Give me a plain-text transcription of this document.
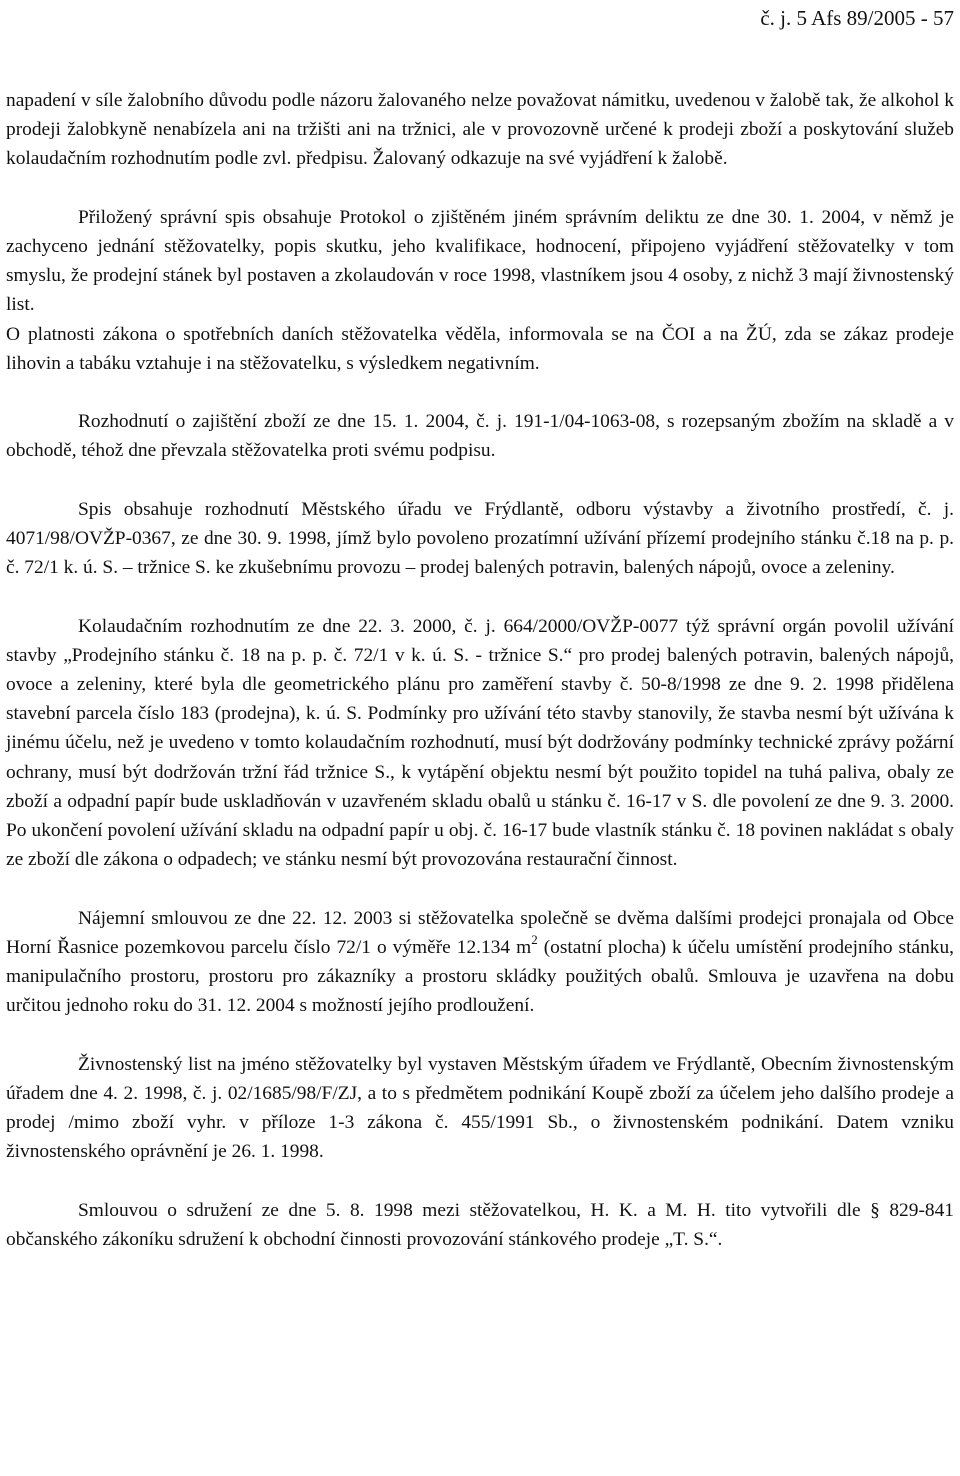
č. j. 5 Afs 89/2005 - 57

napadení v síle žalobního důvodu podle názoru žalovaného nelze považovat námitku, uvedenou v žalobě tak, že alkohol k prodeji žalobkyně nenabízela ani na tržišti ani na tržnici, ale v provozovně určené k prodeji zboží a poskytování služeb kolaudačním rozhodnutím podle zvl. předpisu. Žalovaný odkazuje na své vyjádření k žalobě.

Přiložený správní spis obsahuje Protokol o zjištěném jiném správním deliktu ze dne 30. 1. 2004, v němž je zachyceno jednání stěžovatelky, popis skutku, jeho kvalifikace, hodnocení, připojeno vyjádření stěžovatelky v tom smyslu, že prodejní stánek byl postaven a zkolaudován v roce 1998, vlastníkem jsou 4 osoby, z nichž 3 mají živnostenský list.

O platnosti zákona o spotřebních daních stěžovatelka věděla, informovala se na ČOI a na ŽÚ, zda se zákaz prodeje lihovin a tabáku vztahuje i na stěžovatelku, s výsledkem negativním.

Rozhodnutí o zajištění zboží ze dne 15. 1. 2004, č. j. 191-1/04-1063-08, s rozepsaným zbožím na skladě a v obchodě, téhož dne převzala stěžovatelka proti svému podpisu.

Spis obsahuje rozhodnutí Městského úřadu ve Frýdlantě, odboru výstavby a životního prostředí, č. j. 4071/98/OVŽP-0367, ze dne 30. 9. 1998, jímž bylo povoleno prozatímní užívání přízemí prodejního stánku č.18 na p. p. č. 72/1 k. ú. S. – tržnice S. ke zkušebnímu provozu – prodej balených potravin, balených nápojů, ovoce a zeleniny.

Kolaudačním rozhodnutím ze dne 22. 3. 2000, č. j. 664/2000/OVŽP-0077 týž správní orgán povolil užívání stavby „Prodejního stánku č. 18 na p. p. č. 72/1 v k. ú. S. - tržnice S.“ pro prodej balených potravin, balených nápojů, ovoce a zeleniny, které byla dle geometrického plánu pro zaměření stavby č. 50-8/1998 ze dne 9. 2. 1998 přidělena stavební parcela číslo 183 (prodejna), k. ú. S. Podmínky pro užívání této stavby stanovily, že stavba nesmí být užívána k jinému účelu, než je uvedeno v tomto kolaudačním rozhodnutí, musí být dodržovány podmínky technické zprávy požární ochrany, musí být dodržován tržní řád tržnice S., k vytápění objektu nesmí být použito topidel na tuhá paliva, obaly ze zboží a odpadní papír bude uskladňován v uzavřeném skladu obalů u stánku č. 16-17 v S. dle povolení ze dne 9. 3. 2000. Po ukončení povolení užívání skladu na odpadní papír u obj. č. 16-17 bude vlastník stánku č. 18 povinen nakládat s obaly ze zboží dle zákona o odpadech; ve stánku nesmí být provozována restaurační činnost.

Nájemní smlouvou ze dne 22. 12. 2003 si stěžovatelka společně se dvěma dalšími prodejci pronajala od Obce Horní Řasnice pozemkovou parcelu číslo 72/1 o výměře 12.134 $m^2$ (ostatní plocha) k účelu umístění prodejního stánku, manipulačního prostoru, prostoru pro zákazníky a prostoru skládky použitých obalů. Smlouva je uzavřena na dobu určitou jednoho roku do 31. 12. 2004 s možností jejího prodloužení.

Živnostenský list na jméno stěžovatelky byl vystaven Městským úřadem ve Frýdlantě, Obecním živnostenským úřadem dne 4. 2. 1998, č. j. 02/1685/98/F/ZJ, a to s předmětem podnikání Koupě zboží za účelem jeho dalšího prodeje a prodej /mimo zboží vyhr. v příloze 1-3 zákona č. 455/1991 Sb., o živnostenském podnikání. Datem vzniku živnostenského oprávnění je 26. 1. 1998.

Smlouvou o sdružení ze dne 5. 8. 1998 mezi stěžovatelkou, H. K. a M. H. tito vytvořili dle § 829-841 občanského zákoníku sdružení k obchodní činnosti provozování stánkového prodeje „T. S.“.
